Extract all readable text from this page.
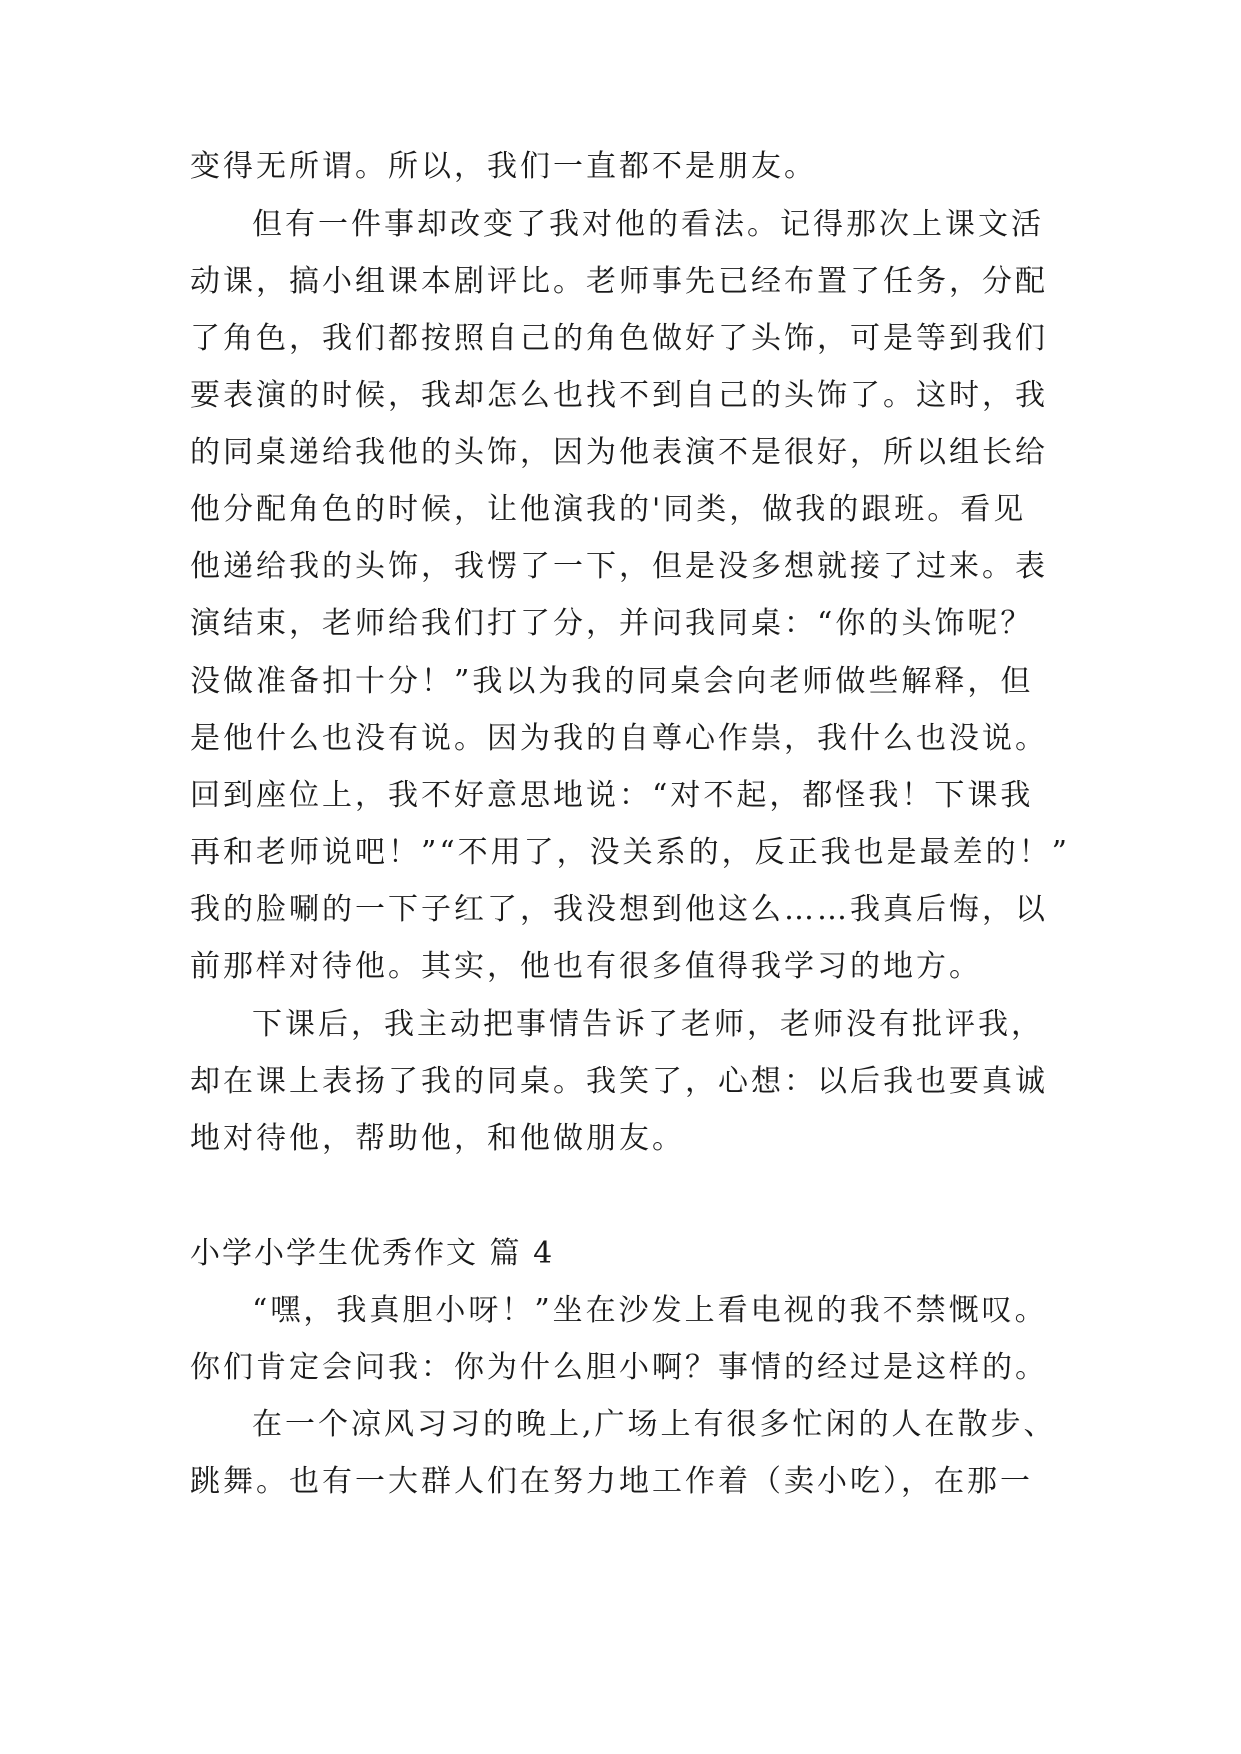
变得无所谓。所以，我们一直都不是朋友。
但有一件事却改变了我对他的看法。记得那次上课文活
动课，搞小组课本剧评比。老师事先已经布置了任务，分配
了角色，我们都按照自己的角色做好了头饰，可是等到我们
要表演的时候，我却怎么也找不到自己的头饰了。这时，我
的同桌递给我他的头饰，因为他表演不是很好，所以组长给
他分配角色的时候，让他演我的'同类，做我的跟班。看见
他递给我的头饰，我愣了一下，但是没多想就接了过来。表
演结束，老师给我们打了分，并问我同桌：“你的头饰呢？
没做准备扣十分！”我以为我的同桌会向老师做些解释，但
是他什么也没有说。因为我的自尊心作祟，我什么也没说。
回到座位上，我不好意思地说：“对不起，都怪我！下课我
再和老师说吧！”“不用了，没关系的，反正我也是最差的！”
我的脸唰的一下子红了，我没想到他这么……我真后悔，以
前那样对待他。其实，他也有很多值得我学习的地方。
下课后，我主动把事情告诉了老师，老师没有批评我，
却在课上表扬了我的同桌。我笑了，心想：以后我也要真诚
地对待他，帮助他，和他做朋友。
小学小学生优秀作文 篇 4
“嘿，我真胆小呀！”坐在沙发上看电视的我不禁慨叹。
你们肯定会问我：你为什么胆小啊？事情的经过是这样的。
在一个凉风习习的晚上,广场上有很多忙闲的人在散步、
跳舞。也有一大群人们在努力地工作着（卖小吃），在那一
